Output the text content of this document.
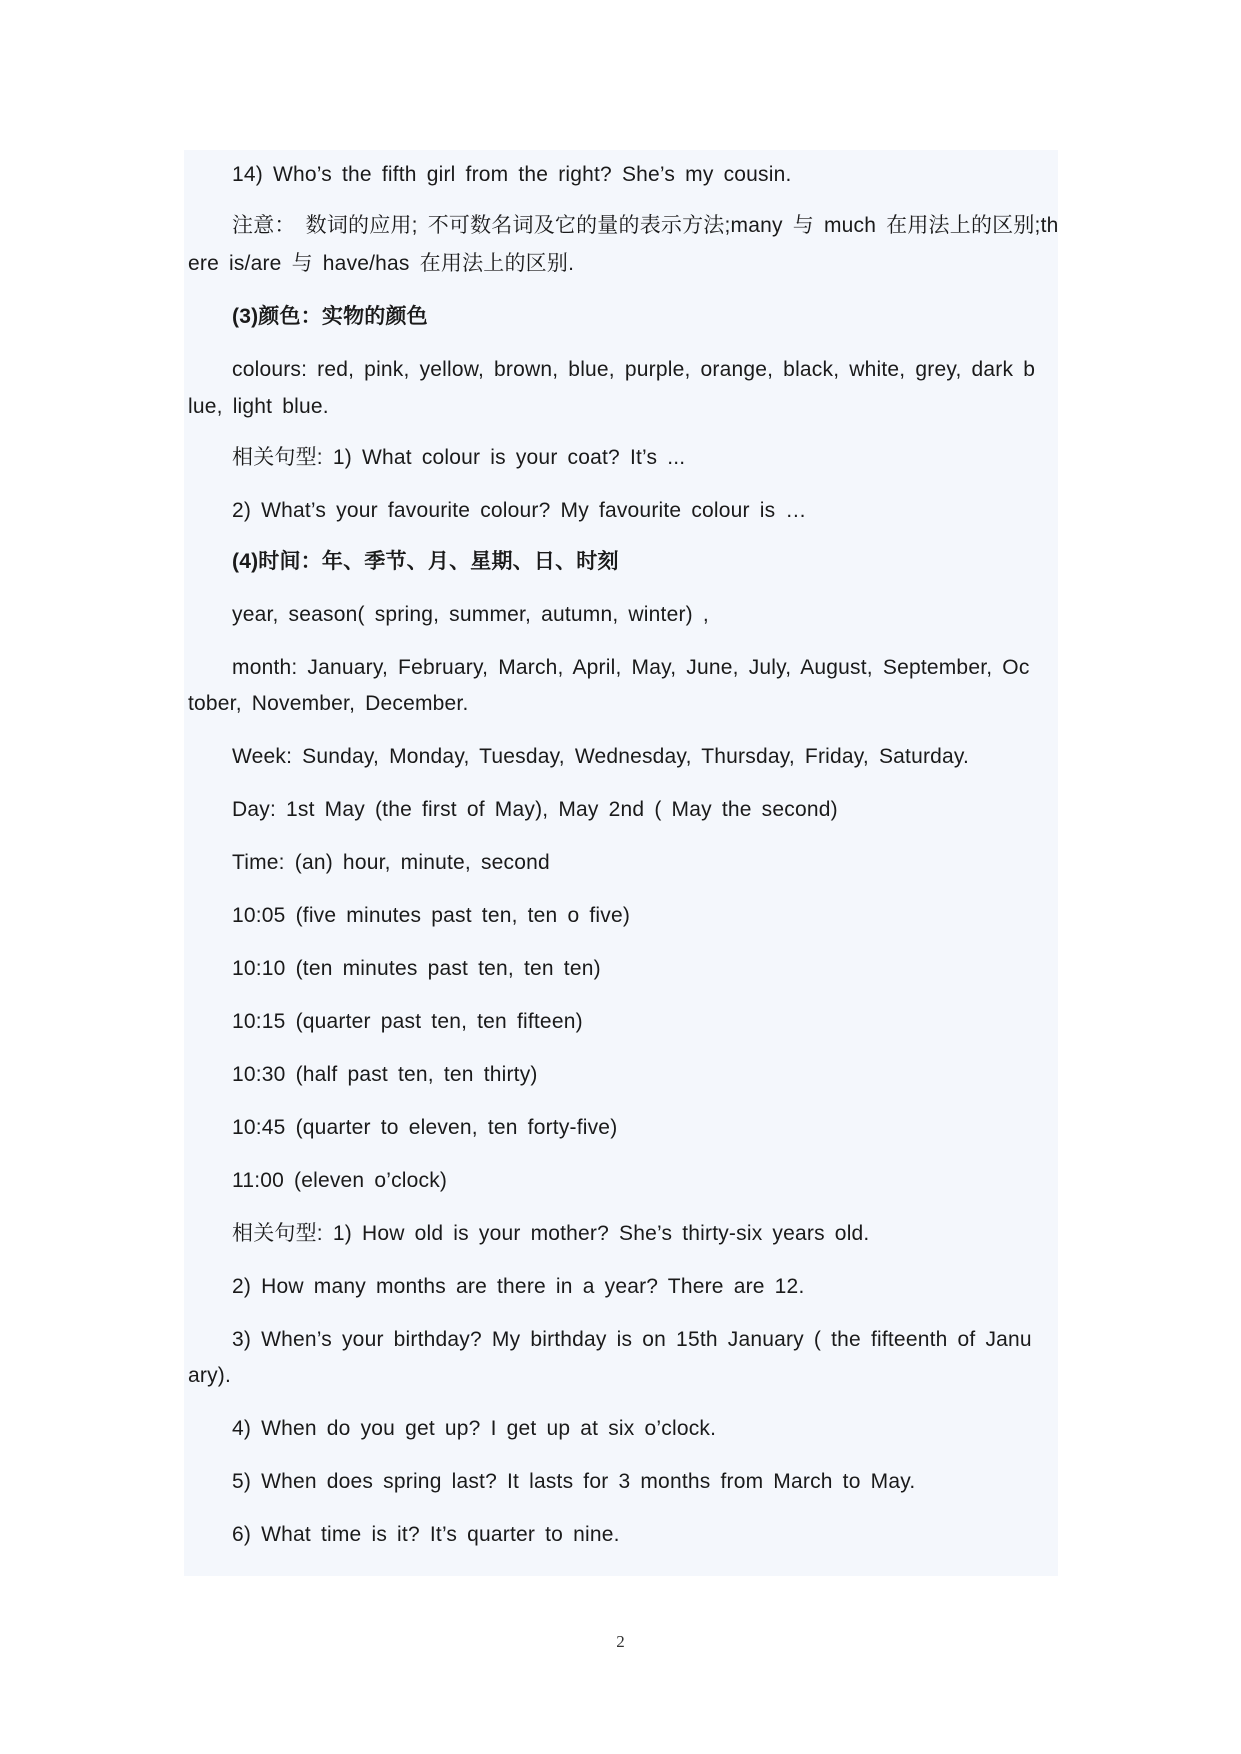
14) Who’s the fifth girl from the right? She’s my cousin.
注意： 数词的应用; 不可数名词及它的量的表示方法;many 与 much 在用法上的区别;th
ere is/are 与 have/has 在用法上的区别.
(3)颜色：实物的颜色
colours: red, pink, yellow, brown, blue, purple, orange, black, white, grey, dark b
lue, light blue.
相关句型: 1) What colour is your coat? It’s ...
2) What’s your favourite colour? My favourite colour is …
(4)时间：年、季节、月、星期、日、时刻
year, season( spring, summer, autumn, winter) ,
month: January, February, March, April, May, June, July, August, September, Oc
tober, November, December.
Week: Sunday, Monday, Tuesday, Wednesday, Thursday, Friday, Saturday.
Day: 1st May (the first of May), May 2nd ( May the second)
Time: (an) hour, minute, second
10:05 (five minutes past ten, ten o five)
10:10 (ten minutes past ten, ten ten)
10:15 (quarter past ten, ten fifteen)
10:30 (half past ten, ten thirty)
10:45 (quarter to eleven, ten forty-five)
11:00 (eleven o’clock)
相关句型: 1) How old is your mother? She’s thirty-six years old.
2) How many months are there in a year? There are 12.
3) When’s your birthday? My birthday is on 15th January ( the fifteenth of Janu
ary).
4) When do you get up? I get up at six o’clock.
5) When does spring last? It lasts for 3 months from March to May.
6) What time is it? It’s quarter to nine.
2
